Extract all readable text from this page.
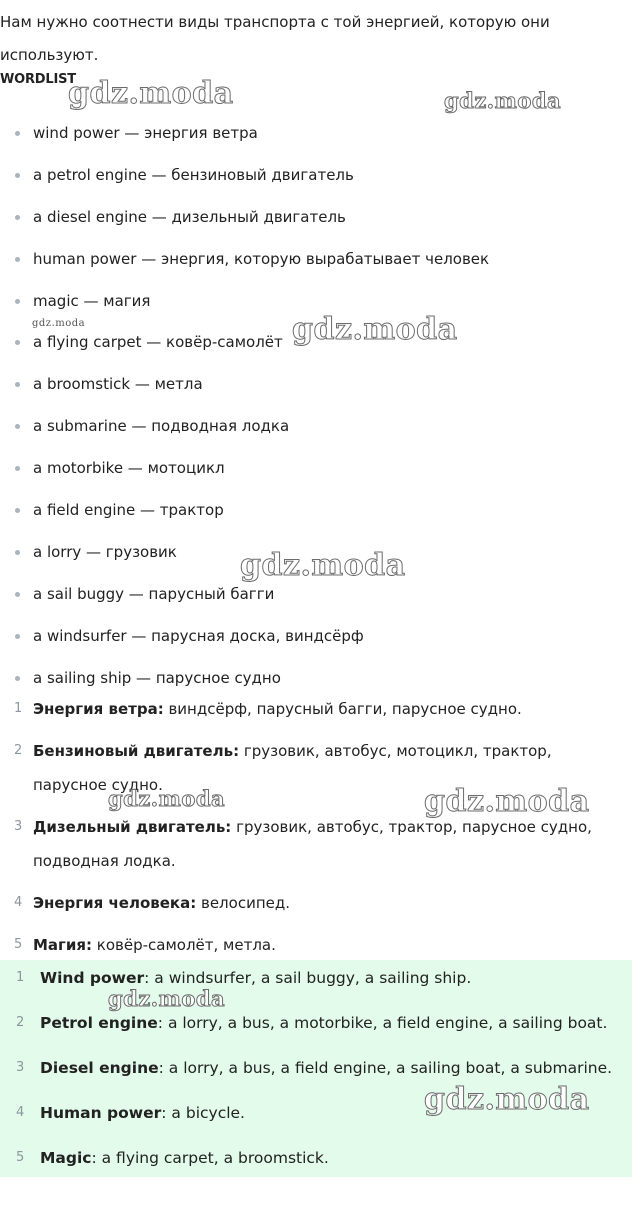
Нам нужно соотнести виды транспорта с той энергией, которую они используют.
WORDLIST
wind power — энергия ветра
a petrol engine — бензиновый двигатель
a diesel engine — дизельный двигатель
human power — энергия, которую вырабатывает человек
magic — магия
a flying carpet — ковёр-самолёт
a broomstick — метла
a submarine — подводная лодка
a motorbike — мотоцикл
a field engine — трактор
a lorry — грузовик
a sail buggy — парусный багги
a windsurfer — парусная доска, виндсёрф
a sailing ship — парусное судно
1 Энергия ветра: виндсёрф, парусный багги, парусное судно.
2 Бензиновый двигатель: грузовик, автобус, мотоцикл, трактор, парусное судно.
3 Дизельный двигатель: грузовик, автобус, трактор, парусное судно, подводная лодка.
4 Энергия человека: велосипед.
5 Магия: ковёр-самолёт, метла.
1 Wind power: a windsurfer, a sail buggy, a sailing ship.
2 Petrol engine: a lorry, a bus, a motorbike, a field engine, a sailing boat.
3 Diesel engine: a lorry, a bus, a field engine, a sailing boat, a submarine.
4 Human power: a bicycle.
5 Magic: a flying carpet, a broomstick.
gdz.moda	gdz.moda
gdz.moda	gdz.moda
gdz.moda
gdz.moda	gdz.moda
gdz.moda
gdz.moda
